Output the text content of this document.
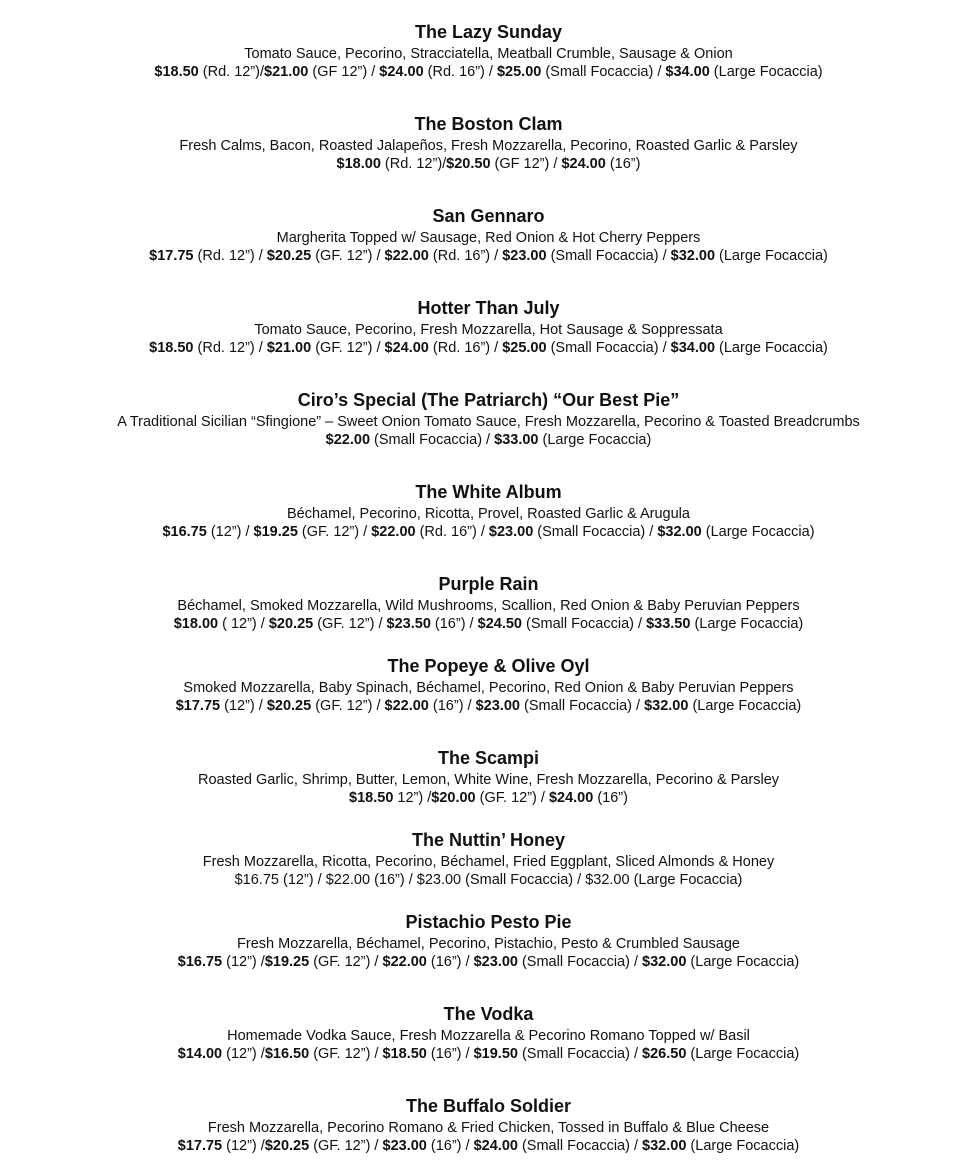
The Lazy Sunday
Tomato Sauce, Pecorino, Stracciatella, Meatball Crumble, Sausage & Onion
$18.50 (Rd. 12”)/$21.00 (GF 12”) / $24.00 (Rd. 16”) / $25.00 (Small Focaccia) / $34.00 (Large Focaccia)
The Boston Clam
Fresh Calms, Bacon, Roasted Jalapeños, Fresh Mozzarella, Pecorino, Roasted Garlic & Parsley
$18.00 (Rd. 12”)/$20.50 (GF 12”) / $24.00 (16”)
San Gennaro
Margherita Topped w/ Sausage, Red Onion & Hot Cherry Peppers
$17.75 (Rd. 12”) / $20.25 (GF. 12”) / $22.00 (Rd. 16”) / $23.00 (Small Focaccia) / $32.00 (Large Focaccia)
Hotter Than July
Tomato Sauce, Pecorino, Fresh Mozzarella, Hot Sausage & Soppressata
$18.50 (Rd. 12”) / $21.00 (GF. 12”) / $24.00 (Rd. 16”) / $25.00 (Small Focaccia) / $34.00 (Large Focaccia)
Ciro’s Special (The Patriarch) “Our Best Pie”
A Traditional Sicilian “Sfingione” – Sweet Onion Tomato Sauce, Fresh Mozzarella, Pecorino & Toasted Breadcrumbs
$22.00 (Small Focaccia) / $33.00 (Large Focaccia)
The White Album
Béchamel, Pecorino, Ricotta, Provel, Roasted Garlic & Arugula
$16.75 (12”) / $19.25 (GF. 12”) / $22.00 (Rd. 16”) / $23.00 (Small Focaccia) / $32.00 (Large Focaccia)
Purple Rain
Béchamel, Smoked Mozzarella, Wild Mushrooms, Scallion, Red Onion & Baby Peruvian Peppers
$18.00 ( 12”) / $20.25 (GF. 12”) / $23.50 (16”) / $24.50 (Small Focaccia) / $33.50 (Large Focaccia)
The Popeye & Olive Oyl
Smoked Mozzarella, Baby Spinach, Béchamel, Pecorino, Red Onion & Baby Peruvian Peppers
$17.75 (12”) / $20.25 (GF. 12”) / $22.00 (16”) / $23.00 (Small Focaccia) / $32.00 (Large Focaccia)
The Scampi
Roasted Garlic, Shrimp, Butter, Lemon, White Wine, Fresh Mozzarella, Pecorino & Parsley
$18.50 12”) /$20.00 (GF. 12”) / $24.00 (16”)
The Nuttin’ Honey
Fresh Mozzarella, Ricotta, Pecorino, Béchamel, Fried Eggplant, Sliced Almonds & Honey
$16.75 (12”) / $22.00 (16”) / $23.00 (Small Focaccia) / $32.00 (Large Focaccia)
Pistachio Pesto Pie
Fresh Mozzarella, Béchamel, Pecorino, Pistachio, Pesto & Crumbled Sausage
$16.75 (12”) /$19.25 (GF. 12”) / $22.00 (16”) / $23.00 (Small Focaccia) / $32.00 (Large Focaccia)
The Vodka
Homemade Vodka Sauce, Fresh Mozzarella & Pecorino Romano Topped w/ Basil
$14.00 (12”) /$16.50 (GF. 12”) / $18.50 (16”) / $19.50 (Small Focaccia) / $26.50 (Large Focaccia)
The Buffalo Soldier
Fresh Mozzarella, Pecorino Romano & Fried Chicken, Tossed in Buffalo & Blue Cheese
$17.75 (12”) /$20.25 (GF. 12”) / $23.00 (16”) / $24.00 (Small Focaccia) / $32.00 (Large Focaccia)
